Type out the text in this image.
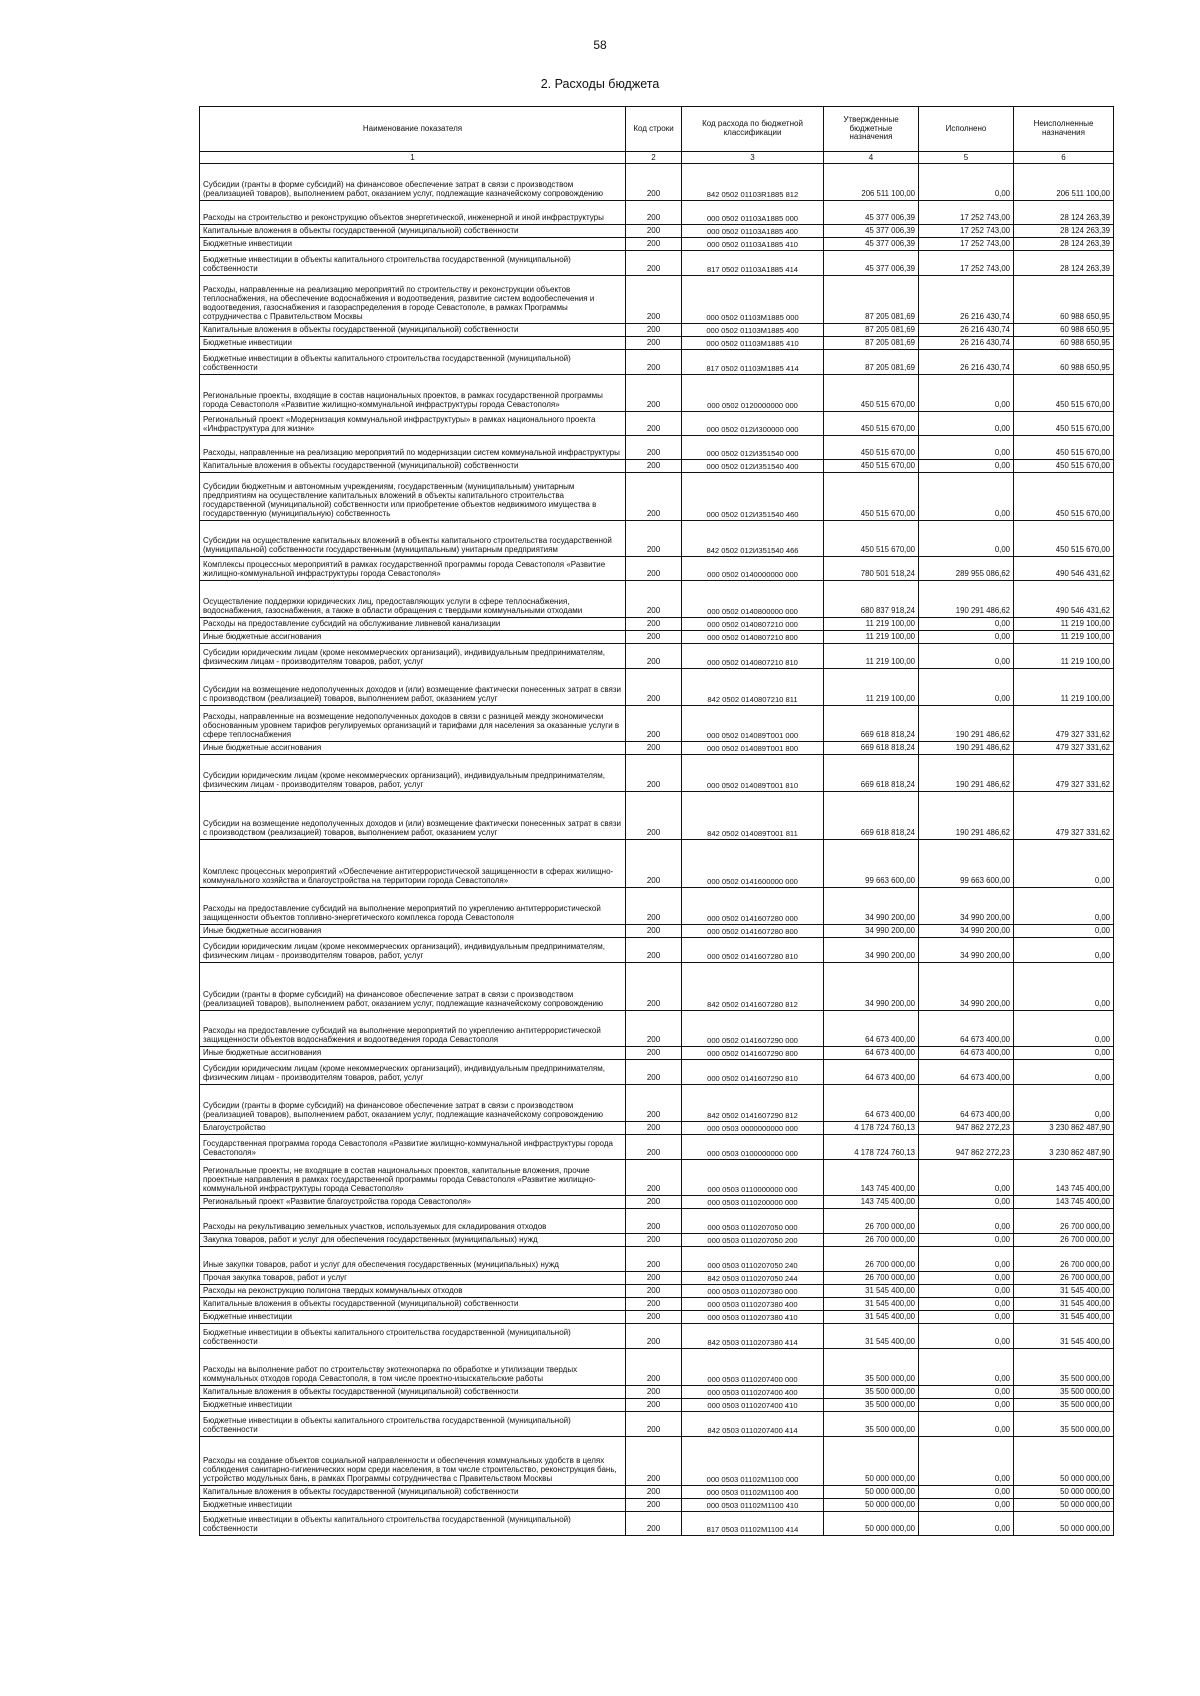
58
2. Расходы бюджета
Наименование показателя	Код строки	Код расхода по бюджетной классификации	Утвержденные бюджетные назначения	Исполнено	Неисполненные назначения
1	2	3	4	5	6
Субсидии (гранты в форме субсидий) на финансовое обеспечение затрат в связи с производством (реализацией товаров), выполнением работ, оказанием услуг, подлежащие казначейскому сопровождению	200	842 0502 01103R1885 812	206 511 100,00	0,00	206 511 100,00
Расходы на строительство и реконструкцию объектов энергетической, инженерной и иной инфраструктуры	200	000 0502 01103A1885 000	45 377 006,39	17 252 743,00	28 124 263,39
Капитальные вложения в объекты государственной (муниципальной) собственности	200	000 0502 01103A1885 400	45 377 006,39	17 252 743,00	28 124 263,39
Бюджетные инвестиции	200	000 0502 01103A1885 410	45 377 006,39	17 252 743,00	28 124 263,39
Бюджетные инвестиции в объекты капитального строительства государственной (муниципальной) собственности	200	817 0502 01103A1885 414	45 377 006,39	17 252 743,00	28 124 263,39
Расходы, направленные на реализацию мероприятий по строительству и реконструкции объектов теплоснабжения, на обеспечение водоснабжения и водоотведения, развитие систем водообеспечения и водоотведения, газоснабжения и газораспределения в городе Севастополе, в рамках Программы сотрудничества с Правительством Москвы	200	000 0502 01103M1885 000	87 205 081,69	26 216 430,74	60 988 650,95
Капитальные вложения в объекты государственной (муниципальной) собственности	200	000 0502 01103M1885 400	87 205 081,69	26 216 430,74	60 988 650,95
Бюджетные инвестиции	200	000 0502 01103M1885 410	87 205 081,69	26 216 430,74	60 988 650,95
Бюджетные инвестиции в объекты капитального строительства государственной (муниципальной) собственности	200	817 0502 01103M1885 414	87 205 081,69	26 216 430,74	60 988 650,95
Региональные проекты, входящие в состав национальных проектов, в рамках государственной программы города Севастополя «Развитие жилищно-коммунальной инфраструктуры города Севастополя»	200	000 0502 0120000000 000	450 515 670,00	0,00	450 515 670,00
Региональный проект «Модернизация коммунальной инфраструктуры» в рамках национального проекта «Инфраструктура для жизни»	200	000 0502 012И300000 000	450 515 670,00	0,00	450 515 670,00
Расходы, направленные на реализацию мероприятий по модернизации систем коммунальной инфраструктуры	200	000 0502 012И351540 000	450 515 670,00	0,00	450 515 670,00
Капитальные вложения в объекты государственной (муниципальной) собственности	200	000 0502 012И351540 400	450 515 670,00	0,00	450 515 670,00
Субсидии бюджетным и автономным учреждениям, государственным (муниципальным) унитарным предприятиям на осуществление капитальных вложений в объекты капитального строительства государственной (муниципальной) собственности или приобретение объектов недвижимого имущества в государственную (муниципальную) собственность	200	000 0502 012И351540 460	450 515 670,00	0,00	450 515 670,00
Субсидии на осуществление капитальных вложений в объекты капитального строительства государственной (муниципальной) собственности государственным (муниципальным) унитарным предприятиям	200	842 0502 012И351540 466	450 515 670,00	0,00	450 515 670,00
Комплексы процессных мероприятий в рамках государственной программы города Севастополя «Развитие жилищно-коммунальной инфраструктуры города Севастополя»	200	000 0502 0140000000 000	780 501 518,24	289 955 086,62	490 546 431,62
Осуществление поддержки юридических лиц, предоставляющих услуги в сфере теплоснабжения, водоснабжения, газоснабжения, а также в области обращения с твердыми коммунальными отходами	200	000 0502 0140800000 000	680 837 918,24	190 291 486,62	490 546 431,62
Расходы на предоставление субсидий на обслуживание ливневой канализации	200	000 0502 0140807210 000	11 219 100,00	0,00	11 219 100,00
Иные бюджетные ассигнования	200	000 0502 0140807210 800	11 219 100,00	0,00	11 219 100,00
Субсидии юридическим лицам (кроме некоммерческих организаций), индивидуальным предпринимателям, физическим лицам - производителям товаров, работ, услуг	200	000 0502 0140807210 810	11 219 100,00	0,00	11 219 100,00
Субсидии на возмещение недополученных доходов и (или) возмещение фактически понесенных затрат в связи с производством (реализацией) товаров, выполнением работ, оказанием услуг	200	842 0502 0140807210 811	11 219 100,00	0,00	11 219 100,00
Расходы, направленные на возмещение недополученных доходов в связи с разницей между экономически обоснованным уровнем тарифов регулируемых организаций и тарифами для населения за оказанные услуги в сфере теплоснабжения	200	000 0502 014089T001 000	669 618 818,24	190 291 486,62	479 327 331,62
Иные бюджетные ассигнования	200	000 0502 014089T001 800	669 618 818,24	190 291 486,62	479 327 331,62
Субсидии юридическим лицам (кроме некоммерческих организаций), индивидуальным предпринимателям, физическим лицам - производителям товаров, работ, услуг	200	000 0502 014089T001 810	669 618 818,24	190 291 486,62	479 327 331,62
Субсидии на возмещение недополученных доходов и (или) возмещение фактически понесенных затрат в связи с производством (реализацией) товаров, выполнением работ, оказанием услуг	200	842 0502 014089T001 811	669 618 818,24	190 291 486,62	479 327 331,62
Комплекс процессных мероприятий «Обеспечение антитеррористической защищенности в сферах жилищно-коммунального хозяйства и благоустройства на территории города Севастополя»	200	000 0502 0141600000 000	99 663 600,00	99 663 600,00	0,00
Расходы на предоставление субсидий на выполнение мероприятий по укреплению антитеррористической защищенности объектов топливно-энергетического комплекса города Севастополя	200	000 0502 0141607280 000	34 990 200,00	34 990 200,00	0,00
Иные бюджетные ассигнования	200	000 0502 0141607280 800	34 990 200,00	34 990 200,00	0,00
Субсидии юридическим лицам (кроме некоммерческих организаций), индивидуальным предпринимателям, физическим лицам - производителям товаров, работ, услуг	200	000 0502 0141607280 810	34 990 200,00	34 990 200,00	0,00
Субсидии (гранты в форме субсидий) на финансовое обеспечение затрат в связи с производством (реализацией товаров), выполнением работ, оказанием услуг, подлежащие казначейскому сопровождению	200	842 0502 0141607280 812	34 990 200,00	34 990 200,00	0,00
Расходы на предоставление субсидий на выполнение мероприятий по укреплению антитеррористической защищенности объектов водоснабжения и водоотведения города Севастополя	200	000 0502 0141607290 000	64 673 400,00	64 673 400,00	0,00
Иные бюджетные ассигнования	200	000 0502 0141607290 800	64 673 400,00	64 673 400,00	0,00
Субсидии юридическим лицам (кроме некоммерческих организаций), индивидуальным предпринимателям, физическим лицам - производителям товаров, работ, услуг	200	000 0502 0141607290 810	64 673 400,00	64 673 400,00	0,00
Субсидии (гранты в форме субсидий) на финансовое обеспечение затрат в связи с производством (реализацией товаров), выполнением работ, оказанием услуг, подлежащие казначейскому сопровождению	200	842 0502 0141607290 812	64 673 400,00	64 673 400,00	0,00
Благоустройство	200	000 0503 0000000000 000	4 178 724 760,13	947 862 272,23	3 230 862 487,90
Государственная программа города Севастополя «Развитие жилищно-коммунальной инфраструктуры города Севастополя»	200	000 0503 0100000000 000	4 178 724 760,13	947 862 272,23	3 230 862 487,90
Региональные проекты, не входящие в состав национальных проектов, капитальные вложения, прочие проектные направления в рамках государственной программы города Севастополя «Развитие жилищно-коммунальной инфраструктуры города Севастополя»	200	000 0503 0110000000 000	143 745 400,00	0,00	143 745 400,00
Региональный проект «Развитие благоустройства города Севастополя»	200	000 0503 0110200000 000	143 745 400,00	0,00	143 745 400,00
Расходы на рекультивацию земельных участков, используемых для складирования отходов	200	000 0503 0110207050 000	26 700 000,00	0,00	26 700 000,00
Закупка товаров, работ и услуг для обеспечения государственных (муниципальных) нужд	200	000 0503 0110207050 200	26 700 000,00	0,00	26 700 000,00
Иные закупки товаров, работ и услуг для обеспечения государственных (муниципальных) нужд	200	000 0503 0110207050 240	26 700 000,00	0,00	26 700 000,00
Прочая закупка товаров, работ и услуг	200	842 0503 0110207050 244	26 700 000,00	0,00	26 700 000,00
Расходы на реконструкцию полигона твердых коммунальных отходов	200	000 0503 0110207380 000	31 545 400,00	0,00	31 545 400,00
Капитальные вложения в объекты государственной (муниципальной) собственности	200	000 0503 0110207380 400	31 545 400,00	0,00	31 545 400,00
Бюджетные инвестиции	200	000 0503 0110207380 410	31 545 400,00	0,00	31 545 400,00
Бюджетные инвестиции в объекты капитального строительства государственной (муниципальной) собственности	200	842 0503 0110207380 414	31 545 400,00	0,00	31 545 400,00
Расходы на выполнение работ по строительству экотехнопарка по обработке и утилизации твердых коммунальных отходов города Севастополя, в том числе проектно-изыскательские работы	200	000 0503 0110207400 000	35 500 000,00	0,00	35 500 000,00
Капитальные вложения в объекты государственной (муниципальной) собственности	200	000 0503 0110207400 400	35 500 000,00	0,00	35 500 000,00
Бюджетные инвестиции	200	000 0503 0110207400 410	35 500 000,00	0,00	35 500 000,00
Бюджетные инвестиции в объекты капитального строительства государственной (муниципальной) собственности	200	842 0503 0110207400 414	35 500 000,00	0,00	35 500 000,00
Расходы на создание объектов социальной направленности и обеспечения коммунальных удобств в целях соблюдения санитарно-гигиенических норм среди населения, в том числе строительство, реконструкция бань, устройство модульных бань, в рамках Программы сотрудничества с Правительством Москвы	200	000 0503 01102M1100 000	50 000 000,00	0,00	50 000 000,00
Капитальные вложения в объекты государственной (муниципальной) собственности	200	000 0503 01102M1100 400	50 000 000,00	0,00	50 000 000,00
Бюджетные инвестиции	200	000 0503 01102M1100 410	50 000 000,00	0,00	50 000 000,00
Бюджетные инвестиции в объекты капитального строительства государственной (муниципальной) собственности	200	817 0503 01102M1100 414	50 000 000,00	0,00	50 000 000,00
